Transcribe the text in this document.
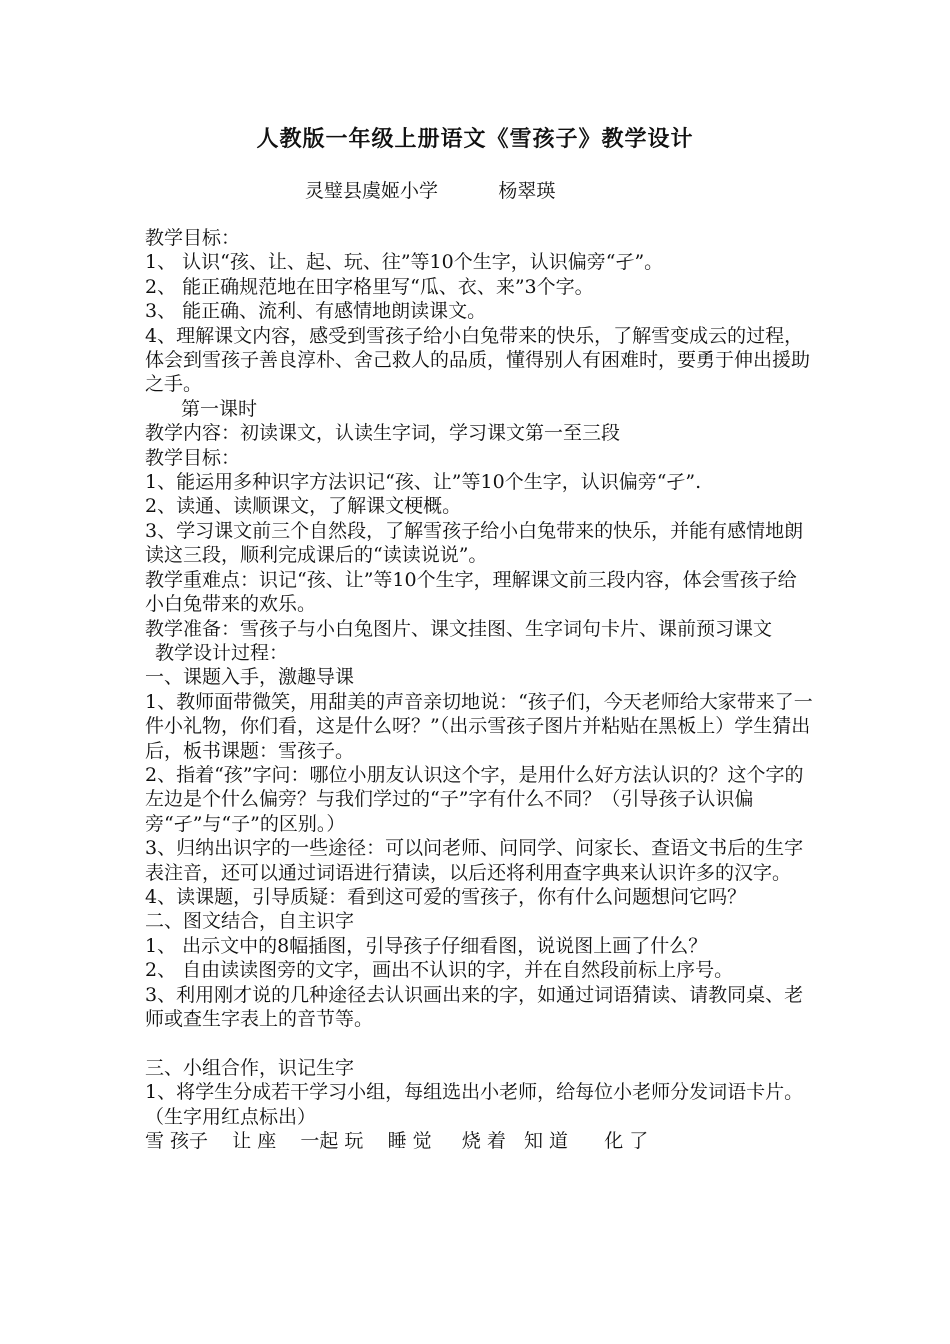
人教版一年级上册语文《雪孩子》教学设计
灵璧县虞姬小学          杨翠瑛

教学目标：

1、 认识“孩、让、起、玩、往”等10个生字，认识偏旁“孑”。

2、 能正确规范地在田字格里写“瓜、衣、来”3个字。

3、 能正确、流利、有感情地朗读课文。

4、理解课文内容，感受到雪孩子给小白兔带来的快乐，了解雪变成云的过程，体会到雪孩子善良淳朴、舍己救人的品质，懂得别人有困难时，要勇于伸出援助之手。

第一课时

教学内容：初读课文，认读生字词，学习课文第一至三段

教学目标：

1、能运用多种识字方法识记“孩、让”等10个生字，认识偏旁“孑”.

2、读通、读顺课文，了解课文梗概。

3、学习课文前三个自然段，了解雪孩子给小白兔带来的快乐，并能有感情地朗读这三段，顺利完成课后的“读读说说”。

教学重难点：识记“孩、让”等10个生字，理解课文前三段内容，体会雪孩子给小白兔带来的欢乐。

教学准备：雪孩子与小白兔图片、课文挂图、生字词句卡片、课前预习课文

教学设计过程：

一、课题入手，激趣导课

1、教师面带微笑，用甜美的声音亲切地说：“孩子们，今天老师给大家带来了一件小礼物，你们看，这是什么呀？”（出示雪孩子图片并粘贴在黑板上）学生猜出后，板书课题：雪孩子。

2、指着“孩”字问：哪位小朋友认识这个字，是用什么好方法认识的？这个字的左边是个什么偏旁？与我们学过的“子”字有什么不同？（引导孩子认识偏旁“孑”与“子”的区别。）

3、归纳出识字的一些途径：可以问老师、问同学、问家长、查语文书后的生字表注音，还可以通过词语进行猜读，以后还将利用查字典来认识许多的汉字。

4、读课题，引导质疑：看到这可爱的雪孩子，你有什么问题想问它吗？

二、图文结合，自主识字

1、 出示文中的8幅插图，引导孩子仔细看图，说说图上画了什么？

2、 自由读读图旁的文字，画出不认识的字，并在自然段前标上序号。

3、利用刚才说的几种途径去认识画出来的字，如通过词语猜读、请教同桌、老师或查生字表上的音节等。

三、小组合作，识记生字

1、将学生分成若干学习小组，每组选出小老师，给每位小老师分发词语卡片。（生字用红点标出）

雪 孩子    让 座    一起 玩    睡 觉     烧 着   知 道      化 了
